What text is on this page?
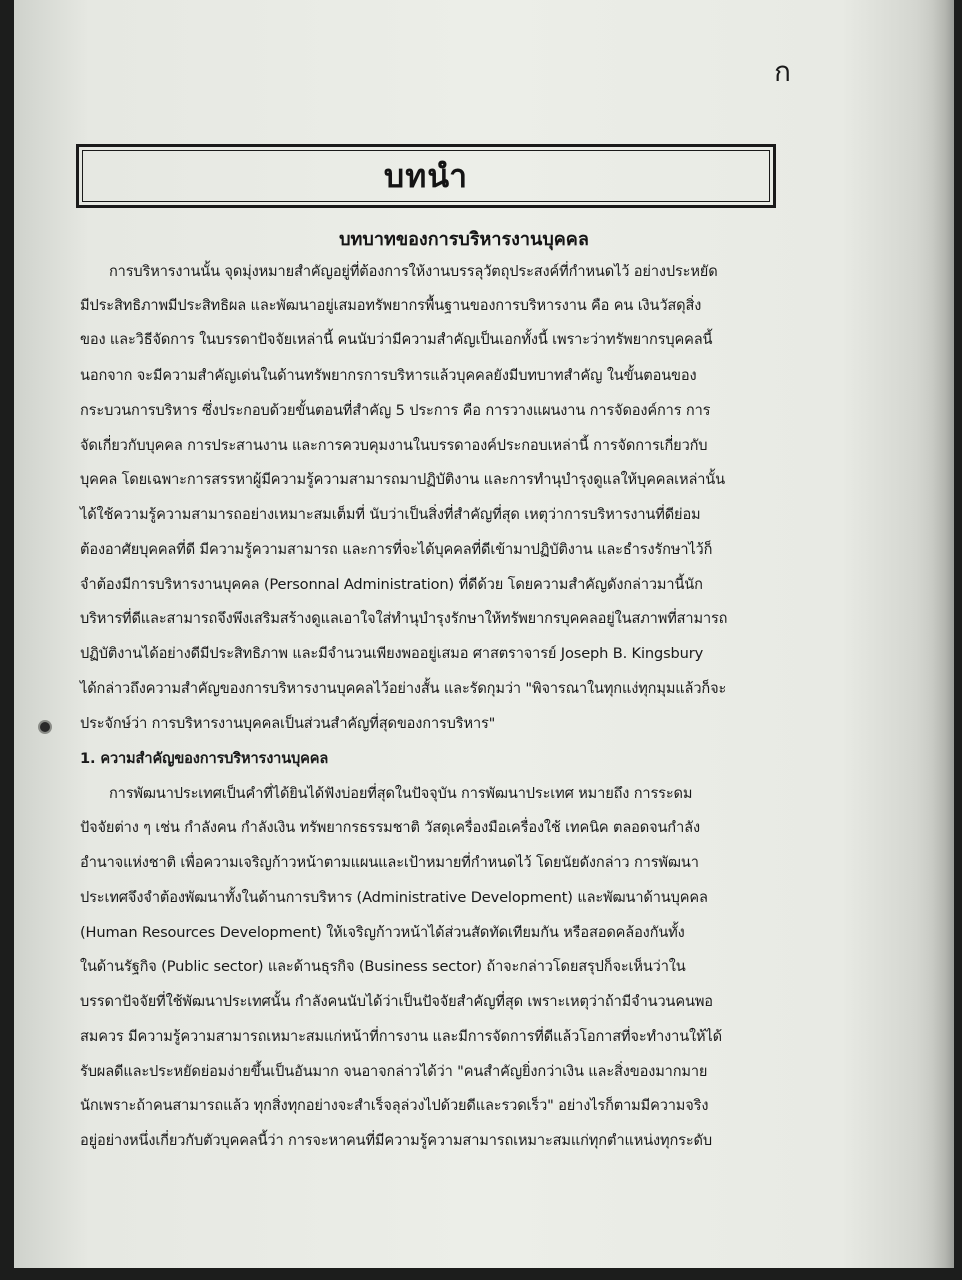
ก
บทนำ
บทบาทของการบริหารงานบุคคล
การบริหารงานนั้น จุดมุ่งหมายสำคัญอยู่ที่ต้องการให้งานบรรลุวัตถุประสงค์ที่กำหนดไว้ อย่างประหยัด
มีประสิทธิภาพมีประสิทธิผล และพัฒนาอยู่เสมอทรัพยากรพื้นฐานของการบริหารงาน คือ คน เงินวัสดุสิ่ง
ของ และวิธีจัดการ ในบรรดาปัจจัยเหล่านี้ คนนับว่ามีความสำคัญเป็นเอกทั้งนี้ เพราะว่าทรัพยากรบุคคลนี้
นอกจาก จะมีความสำคัญเด่นในด้านทรัพยากรการบริหารแล้วบุคคลยังมีบทบาทสำคัญ ในขั้นตอนของ
กระบวนการบริหาร ซึ่งประกอบด้วยขั้นตอนที่สำคัญ 5 ประการ คือ การวางแผนงาน การจัดองค์การ การ
จัดเกี่ยวกับบุคคล การประสานงาน และการควบคุมงานในบรรดาองค์ประกอบเหล่านี้ การจัดการเกี่ยวกับ
บุคคล โดยเฉพาะการสรรหาผู้มีความรู้ความสามารถมาปฏิบัติงาน และการทำนุบำรุงดูแลให้บุคคลเหล่านั้น
ได้ใช้ความรู้ความสามารถอย่างเหมาะสมเต็มที่ นับว่าเป็นสิ่งที่สำคัญที่สุด เหตุว่าการบริหารงานที่ดีย่อม
ต้องอาศัยบุคคลที่ดี มีความรู้ความสามารถ และการที่จะได้บุคคลที่ดีเข้ามาปฏิบัติงาน และธำรงรักษาไว้ก็
จำต้องมีการบริหารงานบุคคล (Personnal Administration) ที่ดีด้วย โดยความสำคัญดังกล่าวมานี้นัก
บริหารที่ดีและสามารถจึงพึงเสริมสร้างดูแลเอาใจใส่ทำนุบำรุงรักษาให้ทรัพยากรบุคคลอยู่ในสภาพที่สามารถ
ปฏิบัติงานได้อย่างดีมีประสิทธิภาพ และมีจำนวนเพียงพออยู่เสมอ ศาสตราจารย์ Joseph B. Kingsbury
ได้กล่าวถึงความสำคัญของการบริหารงานบุคคลไว้อย่างสั้น และรัดกุมว่า "พิจารณาในทุกแง่ทุกมุมแล้วก็จะ
ประจักษ์ว่า การบริหารงานบุคคลเป็นส่วนสำคัญที่สุดของการบริหาร"
1. ความสำคัญของการบริหารงานบุคคล
การพัฒนาประเทศเป็นคำที่ได้ยินได้ฟังบ่อยที่สุดในปัจจุบัน การพัฒนาประเทศ หมายถึง การระดม
ปัจจัยต่าง ๆ เช่น กำลังคน กำลังเงิน ทรัพยากรธรรมชาติ วัสดุเครื่องมือเครื่องใช้ เทคนิค ตลอดจนกำลัง
อำนาจแห่งชาติ เพื่อความเจริญก้าวหน้าตามแผนและเป้าหมายที่กำหนดไว้ โดยนัยดังกล่าว การพัฒนา
ประเทศจึงจำต้องพัฒนาทั้งในด้านการบริหาร (Administrative Development) และพัฒนาด้านบุคคล
(Human Resources Development) ให้เจริญก้าวหน้าได้ส่วนสัดทัดเทียมกัน หรือสอดคล้องกันทั้ง
ในด้านรัฐกิจ (Public sector) และด้านธุรกิจ (Business sector) ถ้าจะกล่าวโดยสรุปก็จะเห็นว่าใน
บรรดาปัจจัยที่ใช้พัฒนาประเทศนั้น กำลังคนนับได้ว่าเป็นปัจจัยสำคัญที่สุด เพราะเหตุว่าถ้ามีจำนวนคนพอ
สมควร มีความรู้ความสามารถเหมาะสมแก่หน้าที่การงาน และมีการจัดการที่ดีแล้วโอกาสที่จะทำงานให้ได้
รับผลดีและประหยัดย่อมง่ายขึ้นเป็นอันมาก จนอาจกล่าวได้ว่า "คนสำคัญยิ่งกว่าเงิน และสิ่งของมากมาย
นักเพราะถ้าคนสามารถแล้ว ทุกสิ่งทุกอย่างจะสำเร็จลุล่วงไปด้วยดีและรวดเร็ว" อย่างไรก็ตามมีความจริง
อยู่อย่างหนึ่งเกี่ยวกับตัวบุคคลนี้ว่า การจะหาคนที่มีความรู้ความสามารถเหมาะสมแก่ทุกตำแหน่งทุกระดับ
